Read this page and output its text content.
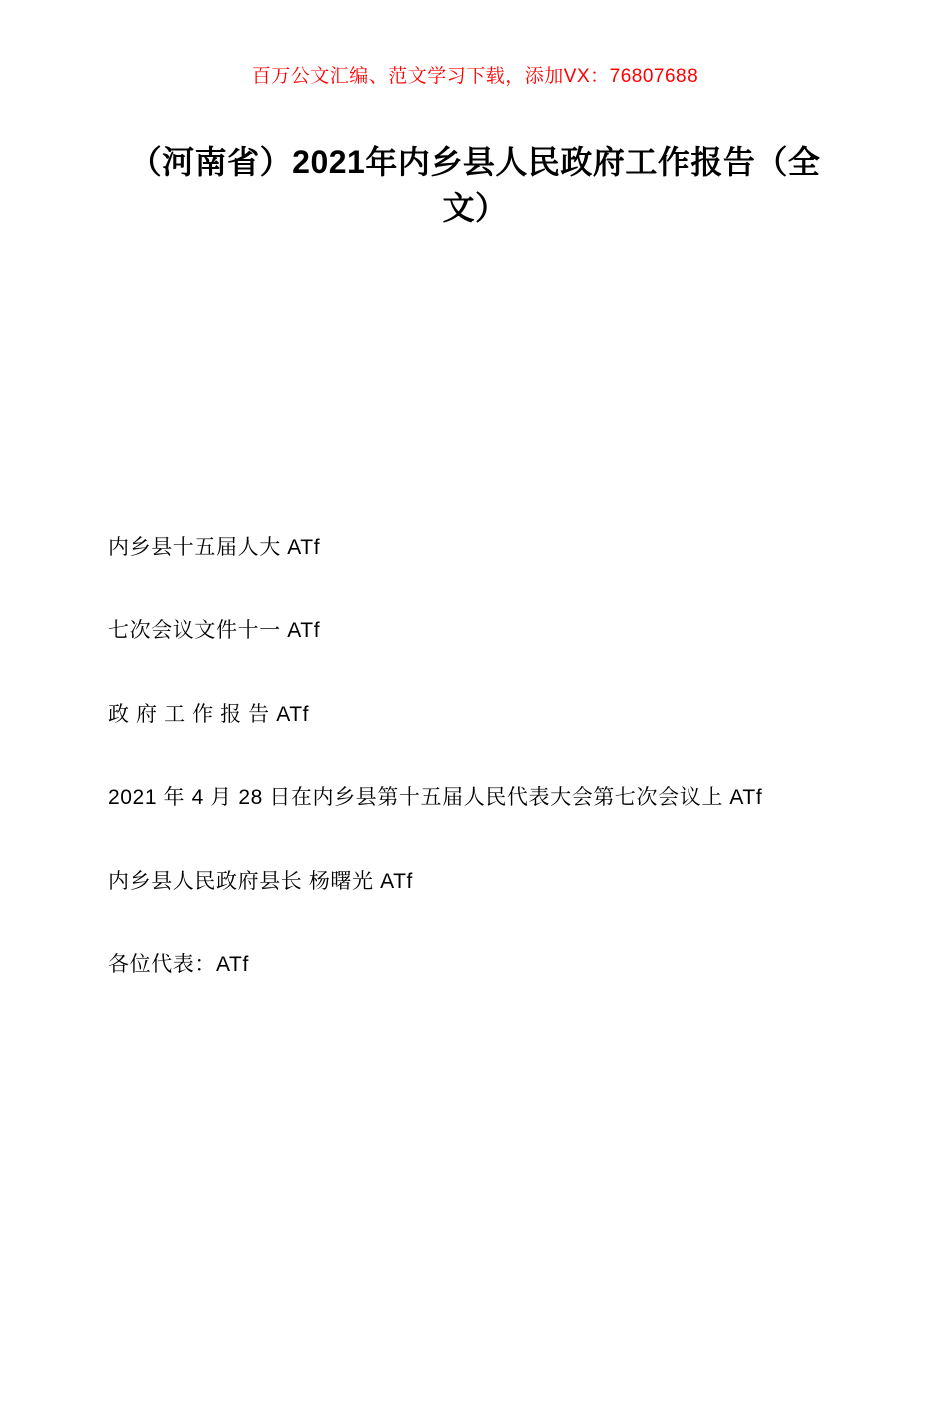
百万公文汇编、范文学习下载，添加VX：76807688
（河南省）2021年内乡县人民政府工作报告（全文）

内乡县十五届人大 ATf

七次会议文件十一 ATf

政 府 工 作 报 告 ATf

2021 年 4 月 28 日在内乡县第十五届人民代表大会第七次会议上 ATf

内乡县人民政府县长 杨曙光 ATf

各位代表：ATf
